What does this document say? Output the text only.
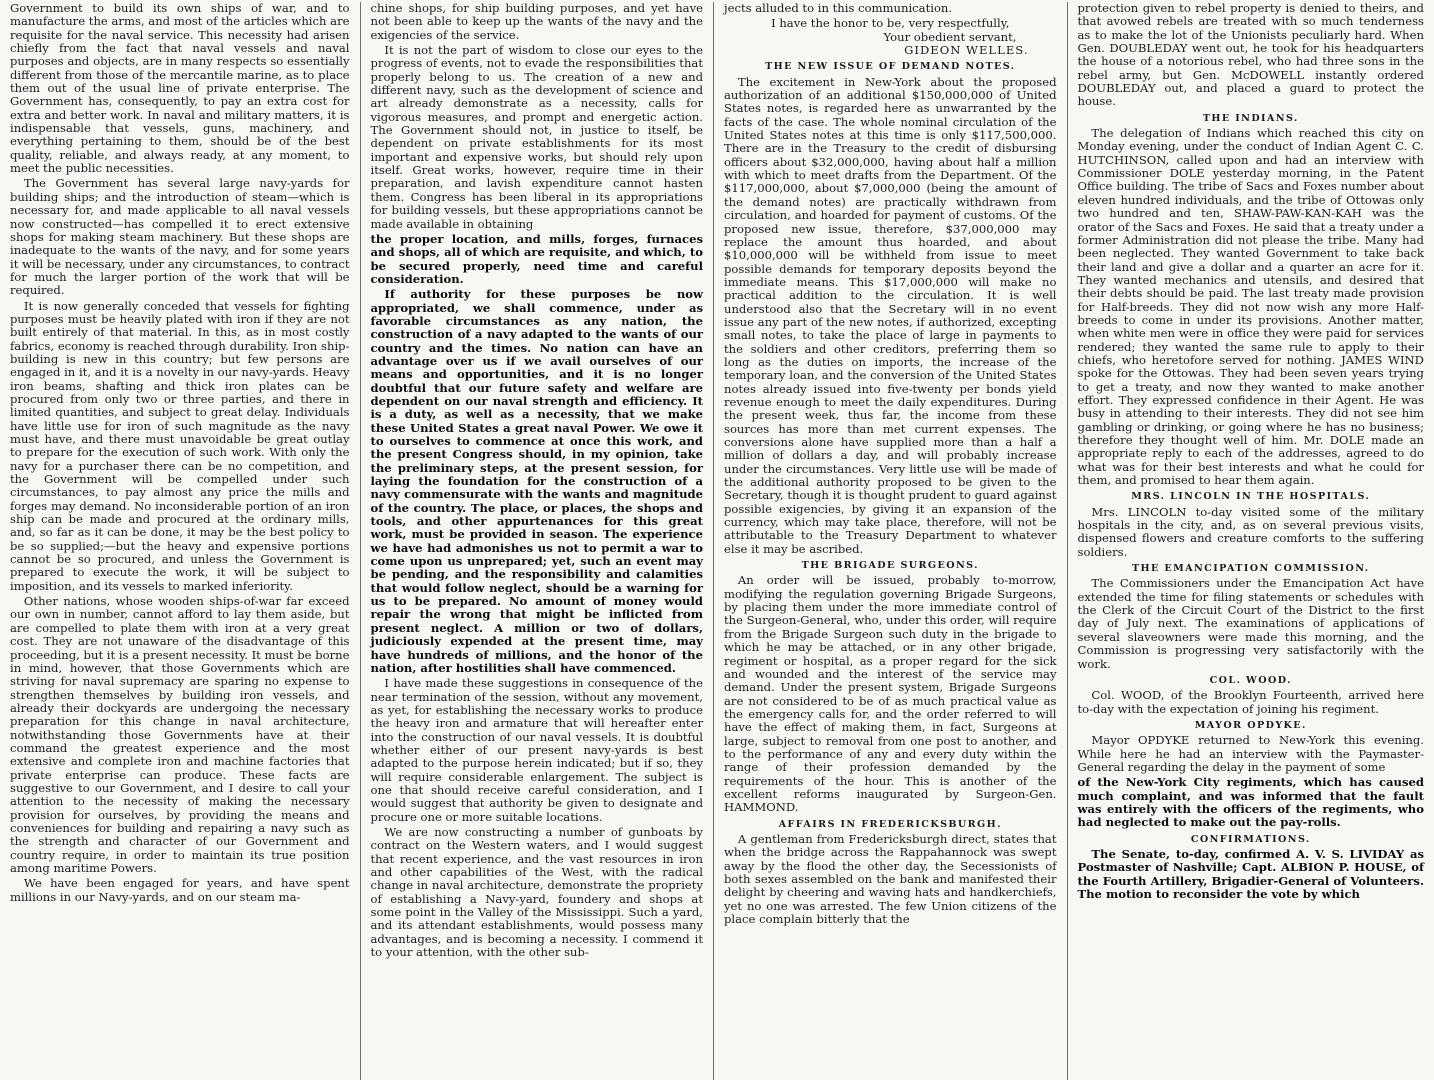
Government to build its own ships of war, and to manufacture the arms, and most of the articles which are requisite for the naval service. This necessity had arisen chiefly from the fact that naval vessels and naval purposes and objects, are in many respects so essentially different from those of the mercantile marine, as to place them out of the usual line of private enterprise. The Government has, consequently, to pay an extra cost for extra and better work. In naval and military matters, it is indispensable that vessels, guns, machinery, and everything pertaining to them, should be of the best quality, reliable, and always ready, at any moment, to meet the public necessities.

The Government has several large navy-yards for building ships; and the introduction of steam—which is necessary for, and made applicable to all naval vessels now constructed—has compelled it to erect extensive shops for making steam machinery. But these shops are inadequate to the wants of the navy, and for some years it will be necessary, under any circumstances, to contract for much the larger portion of the work that will be required.

It is now generally conceded that vessels for fighting purposes must be heavily plated with iron if they are not built entirely of that material. In this, as in most costly fabrics, economy is reached through durability. Iron ship-building is new in this country; but few persons are engaged in it, and it is a novelty in our navy-yards. Heavy iron beams, shafting and thick iron plates can be procured from only two or three parties, and there in limited quantities, and subject to great delay. Individuals have little use for iron of such magnitude as the navy must have, and there must unavoidable be great outlay to prepare for the execution of such work. With only the navy for a purchaser there can be no competition, and the Government will be compelled under such circumstances, to pay almost any price the mills and forges may demand. No inconsiderable portion of an iron ship can be made and procured at the ordinary mills, and, so far as it can be done, it may be the best policy to be so supplied;—but the heavy and expensive portions cannot be so procured, and unless the Government is prepared to execute the work, it will be subject to imposition, and its vessels to marked inferiority.

Other nations, whose wooden ships-of-war far exceed our own in number, cannot afford to lay them aside, but are compelled to plate them with iron at a very great cost. They are not unaware of the disadvantage of this proceeding, but it is a present necessity. It must be borne in mind, however, that those Governments which are striving for naval supremacy are sparing no expense to strengthen themselves by building iron vessels, and already their dockyards are undergoing the necessary preparation for this change in naval architecture, notwithstanding those Governments have at their command the greatest experience and the most extensive and complete iron and machine factories that private enterprise can produce. These facts are suggestive to our Government, and I desire to call your attention to the necessity of making the necessary provision for ourselves, by providing the means and conveniences for building and repairing a navy such as the strength and character of our Government and country require, in order to maintain its true position among maritime Powers.

We have been engaged for years, and have spent millions in our Navy-yards, and on our steam ma-

chine shops, for ship building purposes, and yet have not been able to keep up the wants of the navy and the exigencies of the service.

It is not the part of wisdom to close our eyes to the progress of events, not to evade the responsibilities that properly belong to us. The creation of a new and different navy, such as the development of science and art already demonstrate as a necessity, calls for vigorous measures, and prompt and energetic action. The Government should not, in justice to itself, be dependent on private establishments for its most important and expensive works, but should rely upon itself. Great works, however, require time in their preparation, and lavish expenditure cannot hasten them. Congress has been liberal in its appropriations for building vessels, but these appropriations cannot be made available in obtaining

the proper location, and mills, forges, furnaces and shops, all of which are requisite, and which, to be secured properly, need time and careful consideration.

If authority for these purposes be now appropriated, we shall commence, under as favorable circumstances as any nation, the construction of a navy adapted to the wants of our country and the times. No nation can have an advantage over us if we avail ourselves of our means and opportunities, and it is no longer doubtful that our future safety and welfare are dependent on our naval strength and efficiency. It is a duty, as well as a necessity, that we make these United States a great naval Power. We owe it to ourselves to commence at once this work, and the present Congress should, in my opinion, take the preliminary steps, at the present session, for laying the foundation for the construction of a navy commensurate with the wants and magnitude of the country. The place, or places, the shops and tools, and other appurtenances for this great work, must be provided in season. The experience we have had admonishes us not to permit a war to come upon us unprepared; yet, such an event may be pending, and the responsibility and calamities that would follow neglect, should be a warning for us to be prepared. No amount of money would repair the wrong that might be inflicted from present neglect. A million or two of dollars, judiciously expended at the present time, may have hundreds of millions, and the honor of the nation, after hostilities shall have commenced.

I have made these suggestions in consequence of the near termination of the session, without any movement, as yet, for establishing the necessary works to produce the heavy iron and armature that will hereafter enter into the construction of our naval vessels. It is doubtful whether either of our present navy-yards is best adapted to the purpose herein indicated; but if so, they will require considerable enlargement. The subject is one that should receive careful consideration, and I would suggest that authority be given to designate and procure one or more suitable locations.

We are now constructing a number of gunboats by contract on the Western waters, and I would suggest that recent experience, and the vast resources in iron and other capabilities of the West, with the radical change in naval architecture, demonstrate the propriety of establishing a Navy-yard, foundery and shops at some point in the Valley of the Mississippi. Such a yard, and its attendant establishments, would possess many advantages, and is becoming a necessity. I commend it to your attention, with the other sub-

jects alluded to in this communication.

I have the honor to be, very respectfully,

Your obedient servant,

GIDEON WELLES.

THE NEW ISSUE OF DEMAND NOTES.

The excitement in New-York about the proposed authorization of an additional $150,000,000 of United States notes, is regarded here as unwarranted by the facts of the case. The whole nominal circulation of the United States notes at this time is only $117,500,000. There are in the Treasury to the credit of disbursing officers about $32,000,000, having about half a million with which to meet drafts from the Department. Of the $117,000,000, about $7,000,000 (being the amount of the demand notes) are practically withdrawn from circulation, and hoarded for payment of customs. Of the proposed new issue, therefore, $37,000,000 may replace the amount thus hoarded, and about $10,000,000 will be withheld from issue to meet possible demands for temporary deposits beyond the immediate means. This $17,000,000 will make no practical addition to the circulation. It is well understood also that the Secretary will in no event issue any part of the new notes, if authorized, excepting small notes, to take the place of large in payments to the soldiers and other creditors, preferring them so long as the duties on imports, the increase of the temporary loan, and the conversion of the United States notes already issued into five-twenty per bonds yield revenue enough to meet the daily expenditures. During the present week, thus far, the income from these sources has more than met current expenses. The conversions alone have supplied more than a half a million of dollars a day, and will probably increase under the circumstances. Very little use will be made of the additional authority proposed to be given to the Secretary, though it is thought prudent to guard against possible exigencies, by giving it an expansion of the currency, which may take place, therefore, will not be attributable to the Treasury Department to whatever else it may be ascribed.

THE BRIGADE SURGEONS.

An order will be issued, probably to-morrow, modifying the regulation governing Brigade Surgeons, by placing them under the more immediate control of the Surgeon-General, who, under this order, will require from the Brigade Surgeon such duty in the brigade to which he may be attached, or in any other brigade, regiment or hospital, as a proper regard for the sick and wounded and the interest of the service may demand. Under the present system, Brigade Surgeons are not considered to be of as much practical value as the emergency calls for, and the order referred to will have the effect of making them, in fact, Surgeons at large, subject to removal from one post to another, and to the performance of any and every duty within the range of their profession demanded by the requirements of the hour. This is another of the excellent reforms inaugurated by Surgeon-Gen. HAMMOND.

AFFAIRS IN FREDERICKSBURGH.

A gentleman from Fredericksburgh direct, states that when the bridge across the Rappahannock was swept away by the flood the other day, the Secessionists of both sexes assembled on the bank and manifested their delight by cheering and waving hats and handkerchiefs, yet no one was arrested. The few Union citizens of the place complain bitterly that the

protection given to rebel property is denied to theirs, and that avowed rebels are treated with so much tenderness as to make the lot of the Unionists peculiarly hard. When Gen. DOUBLEDAY went out, he took for his headquarters the house of a notorious rebel, who had three sons in the rebel army, but Gen. McDOWELL instantly ordered DOUBLEDAY out, and placed a guard to protect the house.

THE INDIANS.

The delegation of Indians which reached this city on Monday evening, under the conduct of Indian Agent C. C. HUTCHINSON, called upon and had an interview with Commissioner DOLE yesterday morning, in the Patent Office building. The tribe of Sacs and Foxes number about eleven hundred individuals, and the tribe of Ottowas only two hundred and ten, SHAW-PAW-KAN-KAH was the orator of the Sacs and Foxes. He said that a treaty under a former Administration did not please the tribe. Many had been neglected. They wanted Government to take back their land and give a dollar and a quarter an acre for it. They wanted mechanics and utensils, and desired that their debts should be paid. The last treaty made provision for Half-breeds. They did not now wish any more Half-breeds to come in under its provisions. Another matter, when white men were in office they were paid for services rendered; they wanted the same rule to apply to their chiefs, who heretofore served for nothing. JAMES WIND spoke for the Ottowas. They had been seven years trying to get a treaty, and now they wanted to make another effort. They expressed confidence in their Agent. He was busy in attending to their interests. They did not see him gambling or drinking, or going where he has no business; therefore they thought well of him. Mr. DOLE made an appropriate reply to each of the addresses, agreed to do what was for their best interests and what he could for them, and promised to hear them again.

MRS. LINCOLN IN THE HOSPITALS.

Mrs. LINCOLN to-day visited some of the military hospitals in the city, and, as on several previous visits, dispensed flowers and creature comforts to the suffering soldiers.

THE EMANCIPATION COMMISSION.

The Commissioners under the Emancipation Act have extended the time for filing statements or schedules with the Clerk of the Circuit Court of the District to the first day of July next. The examinations of applications of several slaveowners were made this morning, and the Commission is progressing very satisfactorily with the work.

COL. WOOD.

Col. WOOD, of the Brooklyn Fourteenth, arrived here to-day with the expectation of joining his regiment.

MAYOR OPDYKE.

Mayor OPDYKE returned to New-York this evening. While here he had an interview with the Paymaster-General regarding the delay in the payment of some

of the New-York City regiments, which has caused much complaint, and was informed that the fault was entirely with the officers of the regiments, who had neglected to make out the pay-rolls.

CONFIRMATIONS.

The Senate, to-day, confirmed A. V. S. LIVIDAY as Postmaster of Nashville; Capt. ALBION P. HOUSE, of the Fourth Artillery, Brigadier-General of Volunteers. The motion to reconsider the vote by which
